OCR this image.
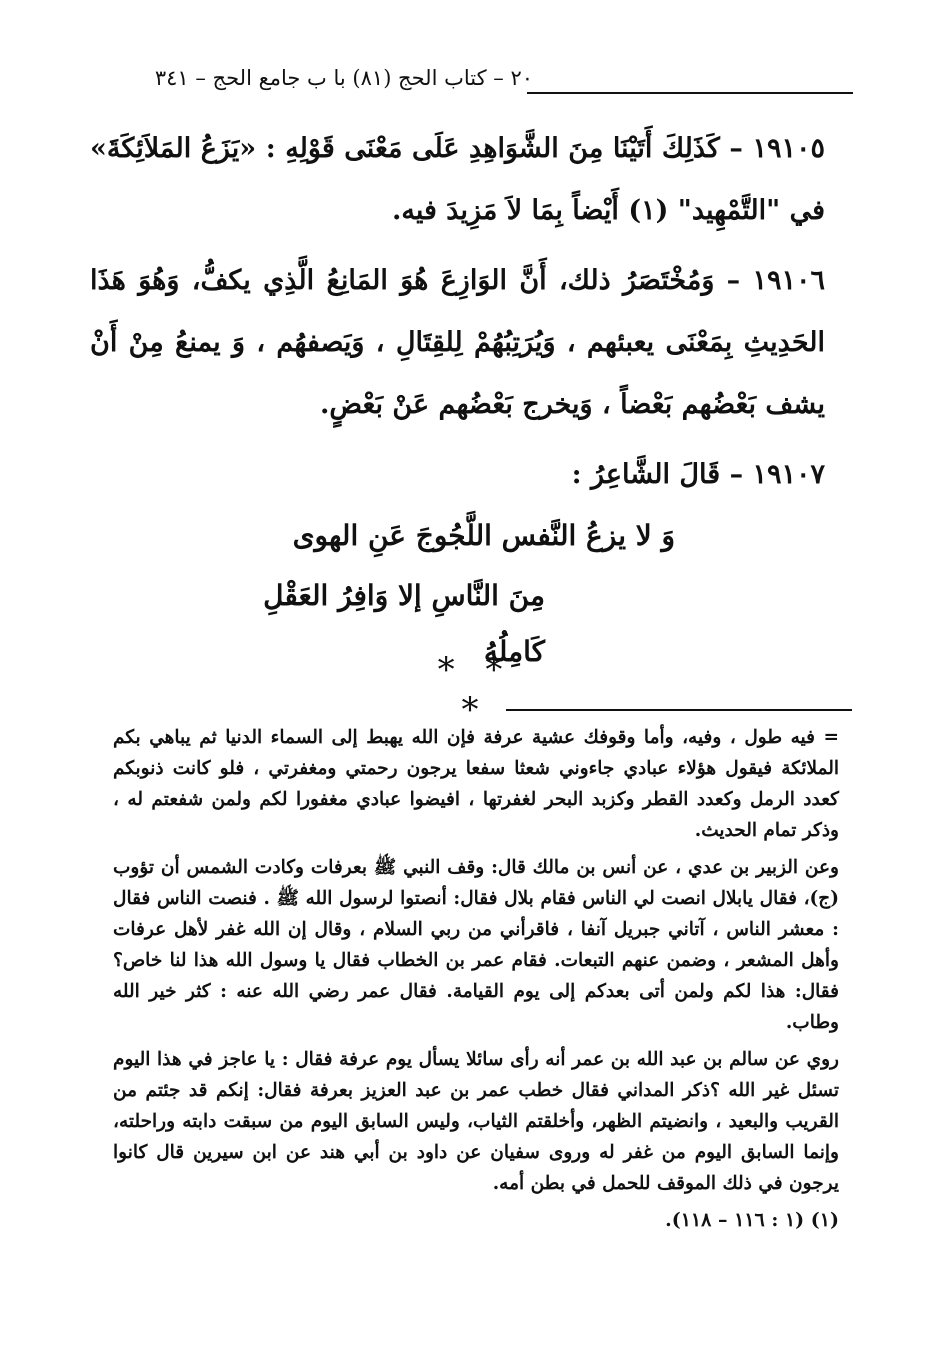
٢٠ – كتاب الحج (٨١) با ب جامع الحج – ٣٤١

١٩١٠٥ – كَذَلِكَ أَتَيْنَا مِنَ الشَّوَاهِدِ عَلَى مَعْنَى قَوْلِهِ : «يَزَعُ المَلاَئِكَةَ» في "التَّمْهِيد" (١) أَيْضاً بِمَا لاَ مَزِيدَ فيه.

١٩١٠٦ – وَمُخْتَصَرُ ذلك، أَنَّ الوَازِعَ هُوَ المَانِعُ الَّذِي يكفُّ، وَهُوَ هَذَا الحَدِيثِ بِمَعْنَى يعبئهم ، وَيُرَتِبُهُمْ لِلقِتَالِ ، وَيَصفهُم ، وَ يمنعُ مِنْ أَنْ يشف بَعْضُهم بَعْضاً ، وَيخرج بَعْضُهم عَنْ بَعْضٍ.

١٩١٠٧ – قَالَ الشَّاعِرُ :

وَ لا يزعُ النَّفس اللَّجُوجَ عَنِ الهوى

مِنَ النَّاسِ إلا وَافِرُ العَقْلِ كَامِلُهُ

* * *

= فيه طول ، وفيه، وأما وقوفك عشية عرفة فإن الله يهبط إلى السماء الدنيا ثم يباهي بكم الملائكة فيقول هؤلاء عبادي جاءوني شعثا سفعا يرجون رحمتي ومغفرتي ، فلو كانت ذنوبكم كعدد الرمل وكعدد القطر وكزبد البحر لغفرتها ، افيضوا عبادي مغفورا لكم ولمن شفعتم له ، وذكر تمام الحديث.

وعن الزبير بن عدي ، عن أنس بن مالك قال: وقف النبي ﷺ بعرفات وكادت الشمس أن تؤوب (ج)، فقال يابلال انصت لي الناس فقام بلال فقال: أنصتوا لرسول الله ﷺ . فنصت الناس فقال : معشر الناس ، آتاني جبريل آنفا ، فاقرأني من ربي السلام ، وقال إن الله غفر لأهل عرفات وأهل المشعر ، وضمن عنهم التبعات. فقام عمر بن الخطاب فقال يا وسول الله هذا لنا خاص؟ فقال: هذا لكم ولمن أتى بعدكم إلى يوم القيامة. فقال عمر رضي الله عنه : كثر خير الله وطاب.

روي عن سالم بن عبد الله بن عمر أنه رأى سائلا يسأل يوم عرفة فقال : يا عاجز في هذا اليوم تسئل غير الله ؟ذكر المداني فقال خطب عمر بن عبد العزيز بعرفة فقال: إنكم قد جئتم من القريب والبعيد ، وانضيتم الظهر، وأخلقتم الثياب، وليس السابق اليوم من سبقت دابته وراحلته، وإنما السابق اليوم من غفر له وروى سفيان عن داود بن أبي هند عن ابن سيرين قال كانوا يرجون في ذلك الموقف للحمل في بطن أمه.

(١) (١ : ١١٦ – ١١٨).
